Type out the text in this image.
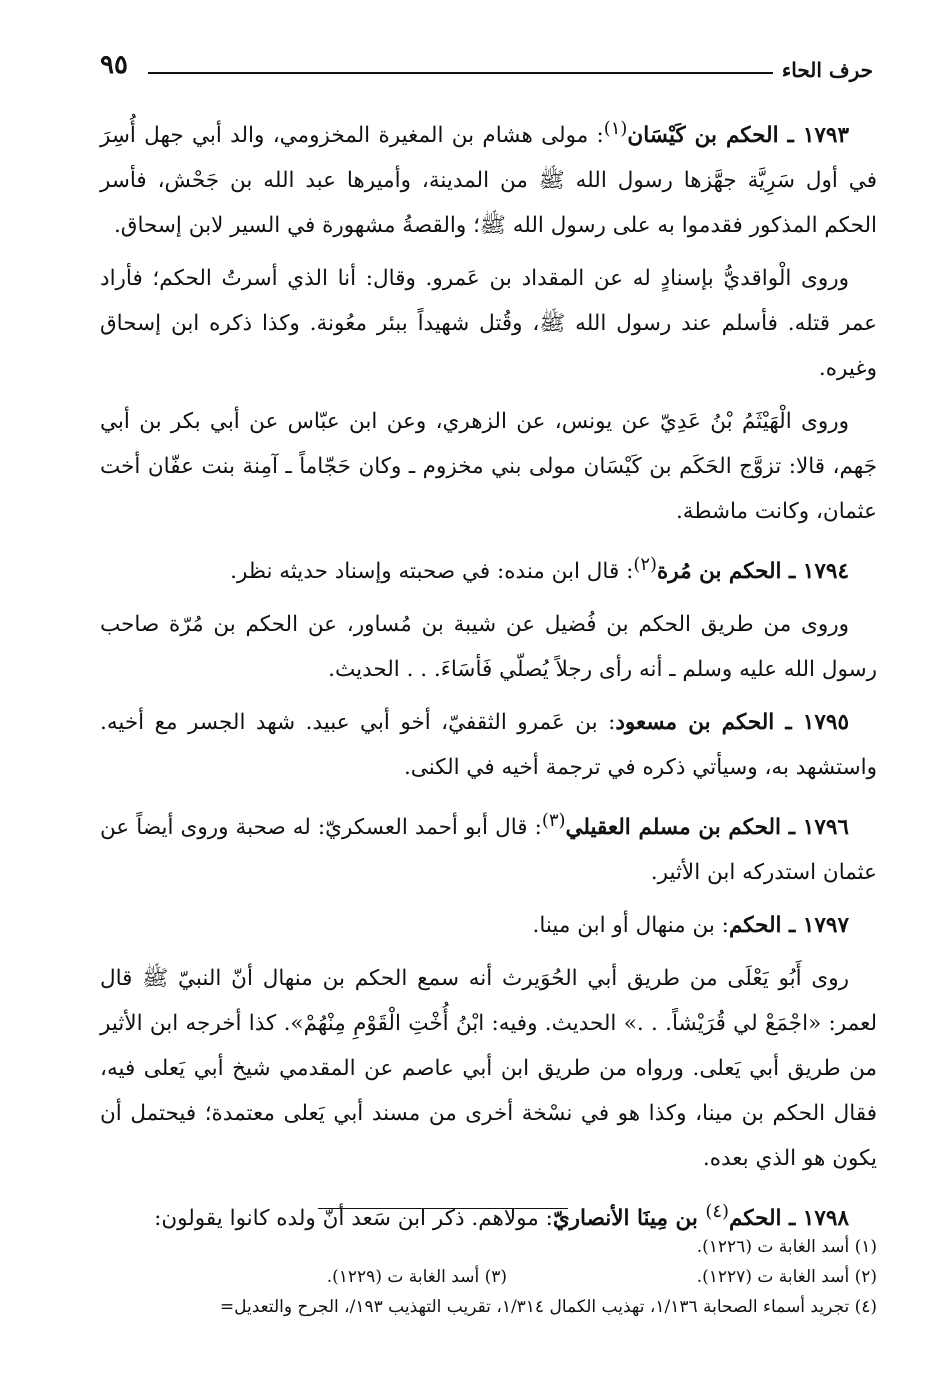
حرف الحاء
٩٥

١٧٩٣ ـ الحكم بن كَيْسَان$^{(١)}$: مولى هشام بن المغيرة المخزومي، والد أبي جهل أُسِرَ في أول سَرِيَّة جهَّزها رسول الله ﷺ من المدينة، وأميرها عبد الله بن جَحْش، فأسر الحكم المذكور فقدموا به على رسول الله ﷺ؛ والقصةُ مشهورة في السير لابن إسحاق.

وروى الْواقديُّ بإسنادٍ له عن المقداد بن عَمرو. وقال: أنا الذي أسرتُ الحكم؛ فأراد عمر قتله. فأسلم عند رسول الله ﷺ، وقُتل شهيداً ببئر معُونة. وكذا ذكره ابن إسحاق وغيره.

وروى الْهَيْثَمُ بْنُ عَدِيّ عن يونس، عن الزهري، وعن ابن عبّاس عن أبي بكر بن أبي جَهم، قالا: تزوَّج الحَكَم بن كَيْسَان مولى بني مخزوم ـ وكان حَجّاماً ـ آمِنة بنت عفّان أخت عثمان، وكانت ماشطة.

١٧٩٤ ـ الحكم بن مُرة$^{(٢)}$: قال ابن منده: في صحبته وإسناد حديثه نظر.

وروى من طريق الحكم بن فُضيل عن شيبة بن مُساور، عن الحكم بن مُرّة صاحب رسول الله عليه وسلم ـ أنه رأى رجلاً يُصلّي فَأسَاءَ. . . الحديث.

١٧٩٥ ـ الحكم بن مسعود: بن عَمرو الثقفيّ، أخو أبي عبيد. شهد الجسر مع أخيه. واستشهد به، وسيأتي ذكره في ترجمة أخيه في الكنى.

١٧٩٦ ـ الحكم بن مسلم العقيلي$^{(٣)}$: قال أبو أحمد العسكريّ: له صحبة وروى أيضاً عن عثمان استدركه ابن الأثير.

١٧٩٧ ـ الحكم: بن منهال أو ابن مينا.

روى أَبُو يَعْلَى من طريق أبي الحُوَيرث أنه سمع الحكم بن منهال أنّ النبيّ ﷺ قال لعمر: «اجْمَعْ لي قُرَيْشاً. . .» الحديث. وفيه: ابْنُ أُخْتِ الْقَوْمِ مِنْهُمْ». كذا أخرجه ابن الأثير من طريق أبي يَعلى. ورواه من طريق ابن أبي عاصم عن المقدمي شيخ أبي يَعلى فيه، فقال الحكم بن مينا، وكذا هو في نسْخة أخرى من مسند أبي يَعلى معتمدة؛ فيحتمل أن يكون هو الذي بعده.

١٧٩٨ ـ الحكم$^{(٤)}$ بن مِينَا الأنصاريّ: مولاهم. ذكر ابن سَعد أنّ ولده كانوا يقولون:

(١) أسد الغابة ت (١٢٢٦).
(٢) أسد الغابة ت (١٢٢٧).
(٣) أسد الغابة ت (١٢٢٩).
(٤) تجريد أسماء الصحابة ١/١٣٦، تهذيب الكمال ١/٣١٤، تقريب التهذيب ١٩٣/، الجرح والتعديل=
